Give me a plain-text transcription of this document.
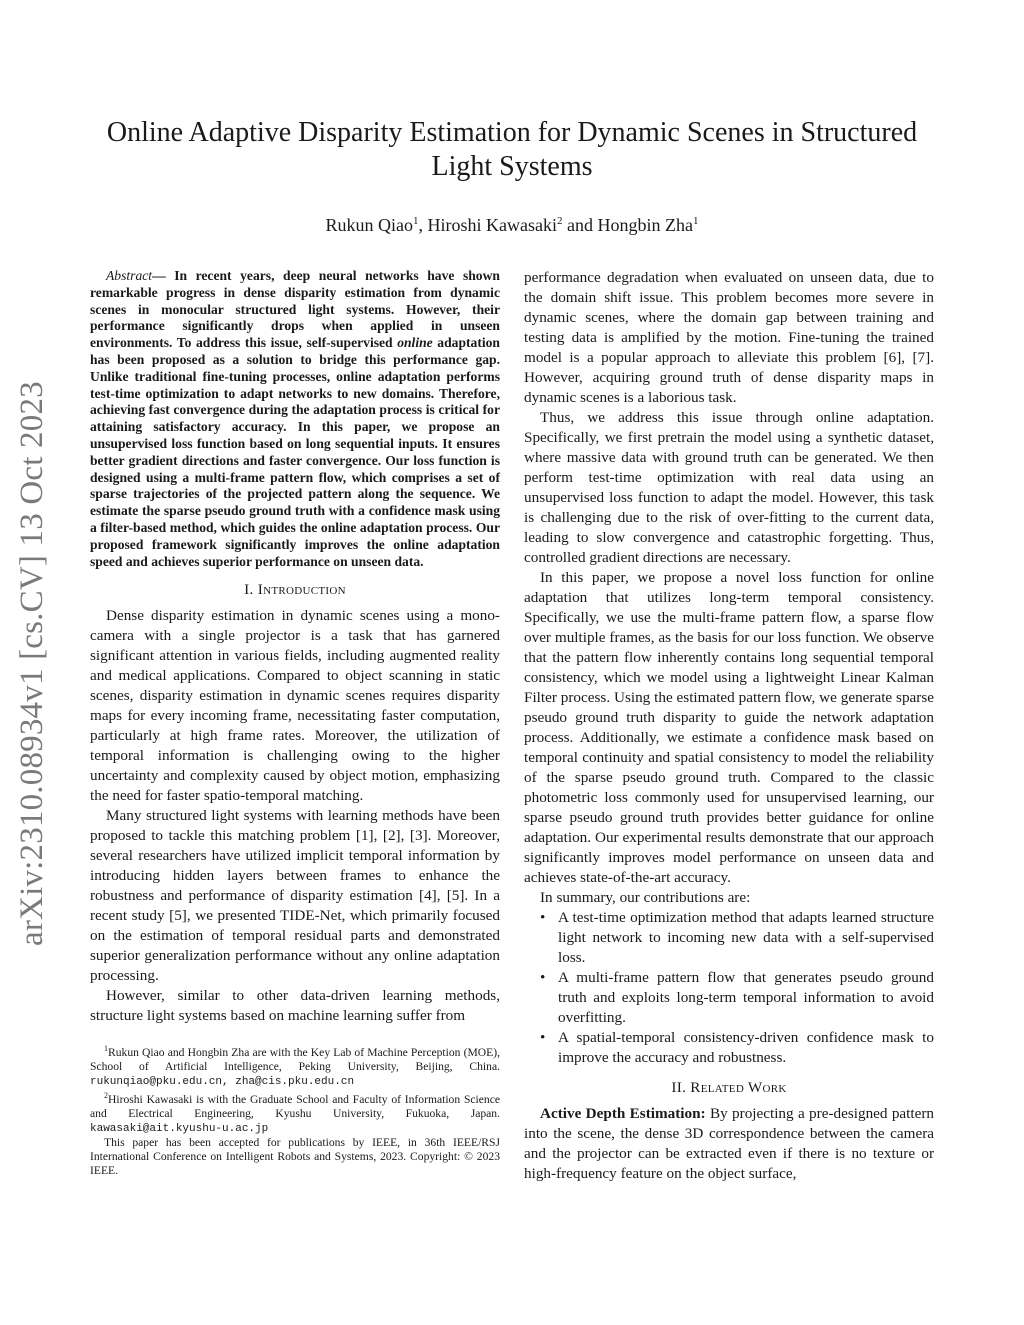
arXiv:2310.08934v1 [cs.CV] 13 Oct 2023
Online Adaptive Disparity Estimation for Dynamic Scenes in Structured
Light Systems
Rukun Qiao$^1$, Hiroshi Kawasaki$^2$ and Hongbin Zha$^1$

Abstract— In recent years, deep neural networks have shown remarkable progress in dense disparity estimation from dynamic scenes in monocular structured light systems. However, their performance significantly drops when applied in unseen environments. To address this issue, self-supervised online adaptation has been proposed as a solution to bridge this performance gap. Unlike traditional fine-tuning processes, online adaptation performs test-time optimization to adapt networks to new domains. Therefore, achieving fast convergence during the adaptation process is critical for attaining satisfactory accuracy. In this paper, we propose an unsupervised loss function based on long sequential inputs. It ensures better gradient directions and faster convergence. Our loss function is designed using a multi-frame pattern flow, which comprises a set of sparse trajectories of the projected pattern along the sequence. We estimate the sparse pseudo ground truth with a confidence mask using a filter-based method, which guides the online adaptation process. Our proposed framework significantly improves the online adaptation speed and achieves superior performance on unseen data.

I. Introduction

Dense disparity estimation in dynamic scenes using a mono-camera with a single projector is a task that has garnered significant attention in various fields, including augmented reality and medical applications. Compared to object scanning in static scenes, disparity estimation in dynamic scenes requires disparity maps for every incoming frame, necessitating faster computation, particularly at high frame rates. Moreover, the utilization of temporal information is challenging owing to the higher uncertainty and complexity caused by object motion, emphasizing the need for faster spatio-temporal matching.

Many structured light systems with learning methods have been proposed to tackle this matching problem [1], [2], [3]. Moreover, several researchers have utilized implicit temporal information by introducing hidden layers between frames to enhance the robustness and performance of disparity estimation [4], [5]. In a recent study [5], we presented TIDE-Net, which primarily focused on the estimation of temporal residual parts and demonstrated superior generalization performance without any online adaptation processing.

However, similar to other data-driven learning methods, structure light systems based on machine learning suffer from

$^1$Rukun Qiao and Hongbin Zha are with the Key Lab of Machine Perception (MOE), School of Artificial Intelligence, Peking University, Beijing, China. rukunqiao@pku.edu.cn, zha@cis.pku.edu.cn

$^2$Hiroshi Kawasaki is with the Graduate School and Faculty of Information Science and Electrical Engineering, Kyushu University, Fukuoka, Japan. kawasaki@ait.kyushu-u.ac.jp

This paper has been accepted for publications by IEEE, in 36th IEEE/RSJ International Conference on Intelligent Robots and Systems, 2023. Copyright: © 2023 IEEE.

performance degradation when evaluated on unseen data, due to the domain shift issue. This problem becomes more severe in dynamic scenes, where the domain gap between training and testing data is amplified by the motion. Fine-tuning the trained model is a popular approach to alleviate this problem [6], [7]. However, acquiring ground truth of dense disparity maps in dynamic scenes is a laborious task.

Thus, we address this issue through online adaptation. Specifically, we first pretrain the model using a synthetic dataset, where massive data with ground truth can be generated. We then perform test-time optimization with real data using an unsupervised loss function to adapt the model. However, this task is challenging due to the risk of over-fitting to the current data, leading to slow convergence and catastrophic forgetting. Thus, controlled gradient directions are necessary.

In this paper, we propose a novel loss function for online adaptation that utilizes long-term temporal consistency. Specifically, we use the multi-frame pattern flow, a sparse flow over multiple frames, as the basis for our loss function. We observe that the pattern flow inherently contains long sequential temporal consistency, which we model using a lightweight Linear Kalman Filter process. Using the estimated pattern flow, we generate sparse pseudo ground truth disparity to guide the network adaptation process. Additionally, we estimate a confidence mask based on temporal continuity and spatial consistency to model the reliability of the sparse pseudo ground truth. Compared to the classic photometric loss commonly used for unsupervised learning, our sparse pseudo ground truth provides better guidance for online adaptation. Our experimental results demonstrate that our approach significantly improves model performance on unseen data and achieves state-of-the-art accuracy.

In summary, our contributions are:

• A test-time optimization method that adapts learned structure light network to incoming new data with a self-supervised loss.
• A multi-frame pattern flow that generates pseudo ground truth and exploits long-term temporal information to avoid overfitting.
• A spatial-temporal consistency-driven confidence mask to improve the accuracy and robustness.
II. Related Work

Active Depth Estimation: By projecting a pre-designed pattern into the scene, the dense 3D correspondence between the camera and the projector can be extracted even if there is no texture or high-frequency feature on the object surface,
